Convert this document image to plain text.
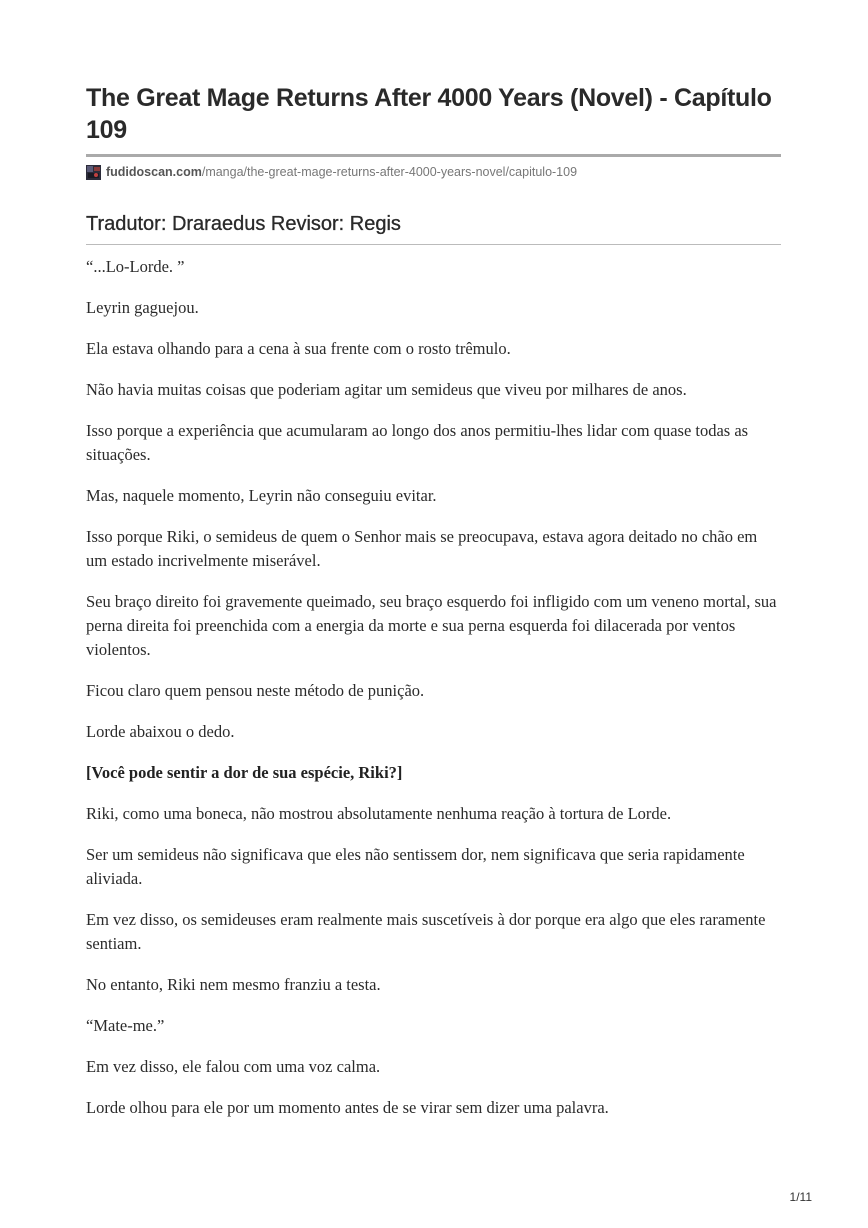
The Great Mage Returns After 4000 Years (Novel) - Capítulo 109
fudidoscan.com /manga/the-great-mage-returns-after-4000-years-novel/capitulo-109
Tradutor: Draraedus Revisor: Regis

“...Lo-Lorde. ”

Leyrin gaguejou.

Ela estava olhando para a cena à sua frente com o rosto trêmulo.

Não havia muitas coisas que poderiam agitar um semideus que viveu por milhares de anos.

Isso porque a experiência que acumularam ao longo dos anos permitiu-lhes lidar com quase todas as situações.

Mas, naquele momento, Leyrin não conseguiu evitar.

Isso porque Riki, o semideus de quem o Senhor mais se preocupava, estava agora deitado no chão em um estado incrivelmente miserável.

Seu braço direito foi gravemente queimado, seu braço esquerdo foi infligido com um veneno mortal, sua perna direita foi preenchida com a energia da morte e sua perna esquerda foi dilacerada por ventos violentos.

Ficou claro quem pensou neste método de punição.

Lorde abaixou o dedo.

[Você pode sentir a dor de sua espécie, Riki?]

Riki, como uma boneca, não mostrou absolutamente nenhuma reação à tortura de Lorde.

Ser um semideus não significava que eles não sentissem dor, nem significava que seria rapidamente aliviada.

Em vez disso, os semideuses eram realmente mais suscetíveis à dor porque era algo que eles raramente sentiam.

No entanto, Riki nem mesmo franziu a testa.

“Mate-me.”

Em vez disso, ele falou com uma voz calma.

Lorde olhou para ele por um momento antes de se virar sem dizer uma palavra.

1/11
